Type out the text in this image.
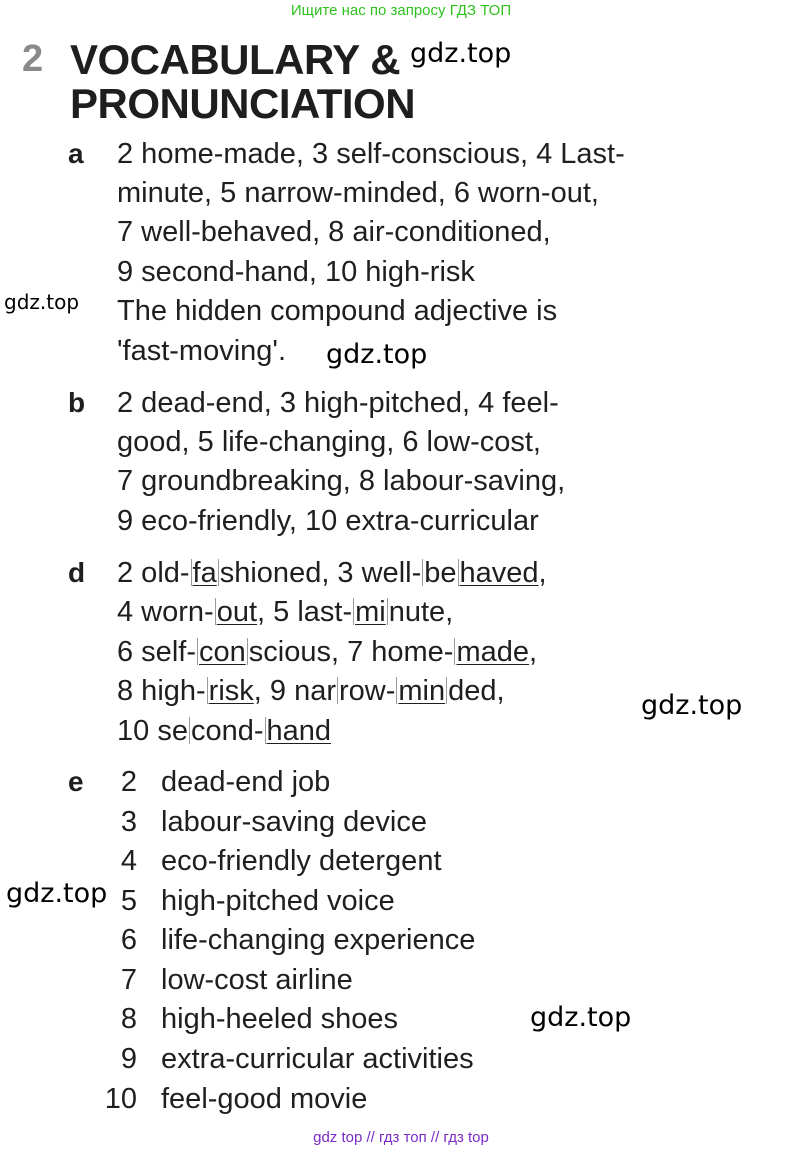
Ищите нас по запросу ГДЗ ТОП

2 VOCABULARY &
PRONUNCIATION
a 2 home-made, 3 self-conscious, 4 Last-
minute, 5 narrow-minded, 6 worn-out,
7 well-behaved, 8 air-conditioned,
9 second-hand, 10 high-risk
The hidden compound adjective is
'fast-moving'.
b 2 dead-end, 3 high-pitched, 4 feel-
good, 5 life-changing, 6 low-cost,
7 groundbreaking, 8 labour-saving,
9 eco-friendly, 10 extra-curricular
d 2 old- fa shioned, 3 well- be haved,
4 worn- out, 5 last- mi nute,
6 self- con scious, 7 home- made,
8 high- risk, 9 nar row- min ded,
10 se cond- hand
e	2 dead-end job
3 labour-saving device
4 eco-friendly detergent
5 high-pitched voice
6 life-changing experience
7 low-cost airline
8 high-heeled shoes
9 extra-curricular activities
10 feel-good movie
gdz.top
gdz.top
gdz.top
gdz.top
gdz.top
gdz.top

gdz top // гдз топ // гдз top
